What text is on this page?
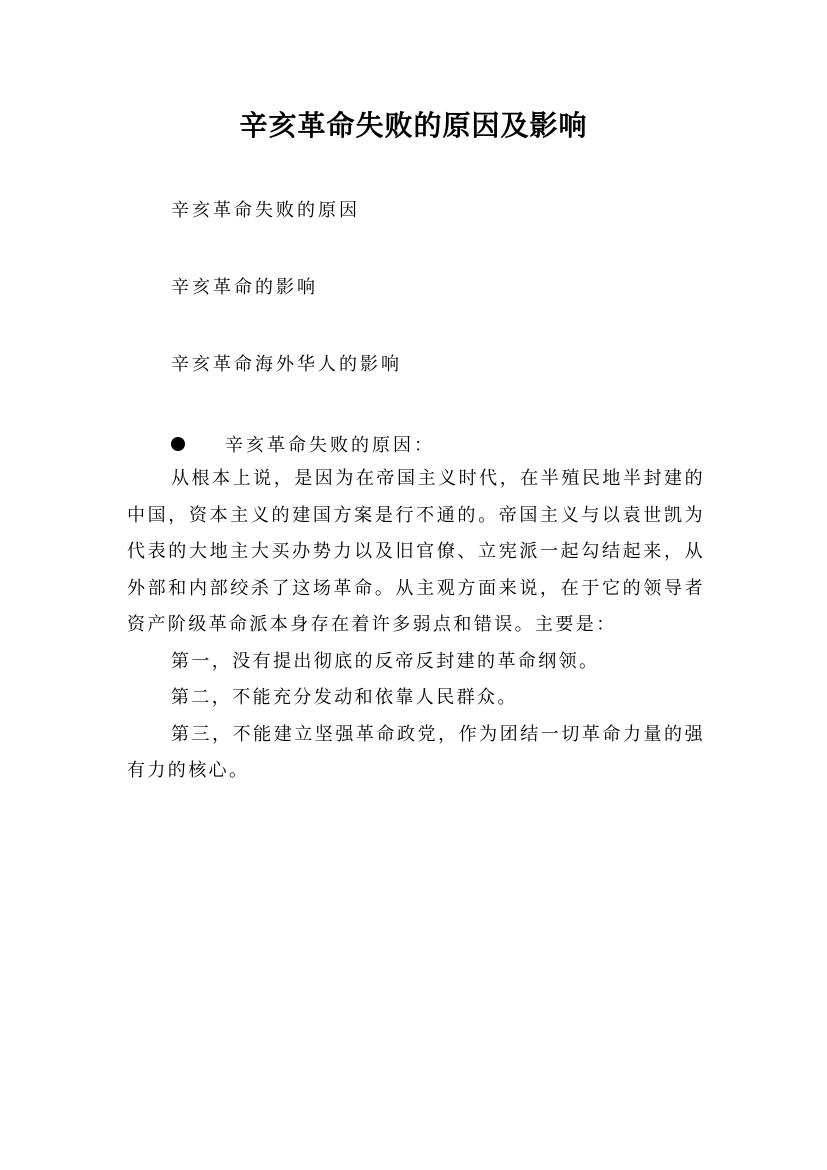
辛亥革命失败的原因及影响
辛亥革命失败的原因
辛亥革命的影响
辛亥革命海外华人的影响
辛亥革命失败的原因：

从根本上说，是因为在帝国主义时代，在半殖民地半封建的中国，资本主义的建国方案是行不通的。帝国主义与以袁世凯为代表的大地主大买办势力以及旧官僚、立宪派一起勾结起来，从外部和内部绞杀了这场革命。从主观方面来说，在于它的领导者资产阶级革命派本身存在着许多弱点和错误。主要是：

第一，没有提出彻底的反帝反封建的革命纲领。

第二，不能充分发动和依靠人民群众。

第三，不能建立坚强革命政党，作为团结一切革命力量的强有力的核心。
